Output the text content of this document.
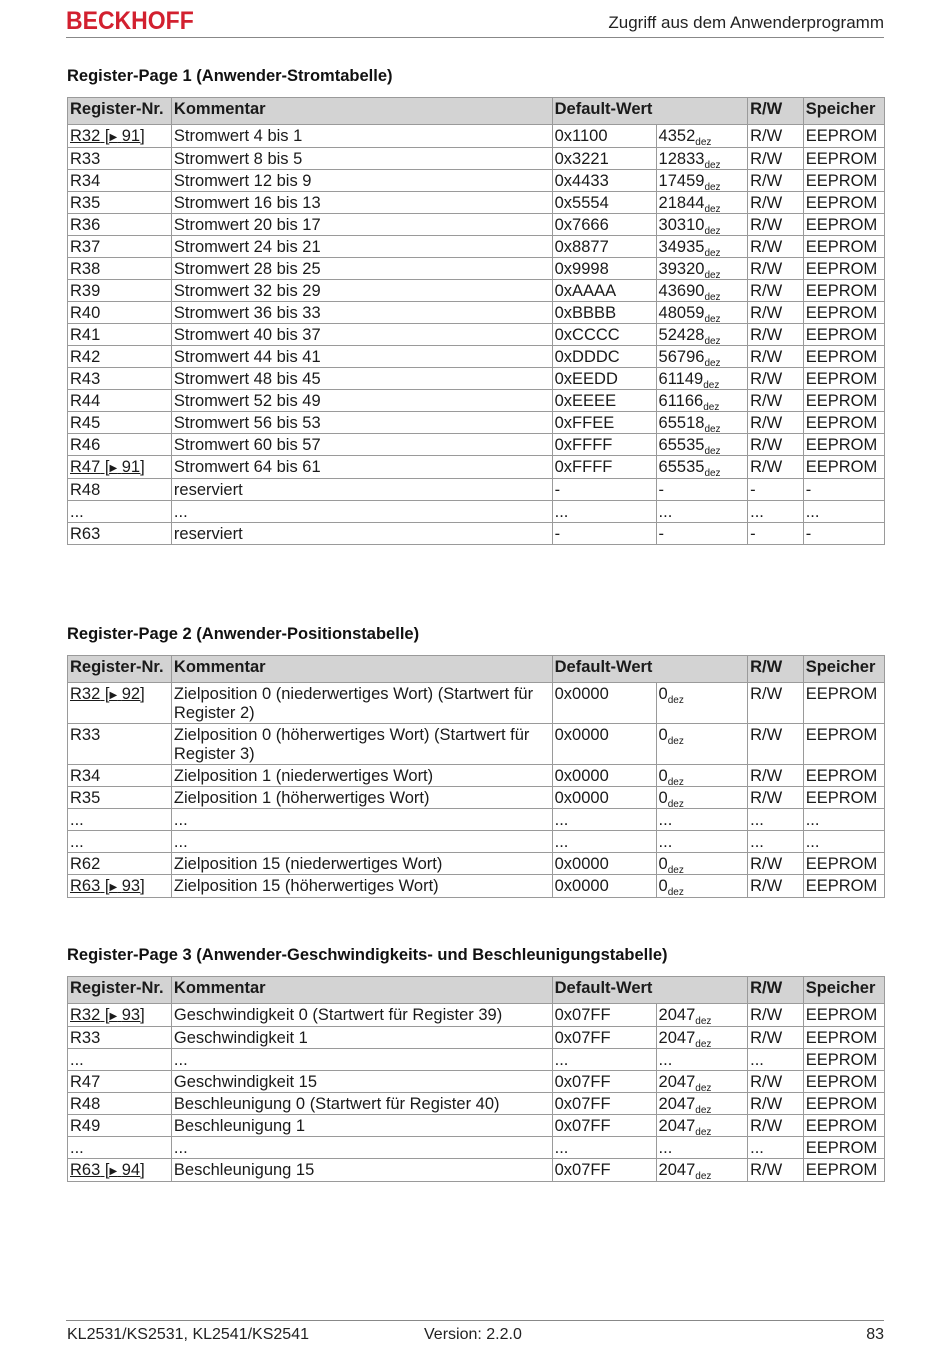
BECKHOFF	Zugriff aus dem Anwenderprogramm
Register-Page 1 (Anwender-Stromtabelle)
Register-Nr.	Kommentar	Default-Wert		R/W	Speicher
R32 [▶ 91]	Stromwert 4 bis 1	0x1100	$4352_{dez}$	R/W	EEPROM
R33	Stromwert 8 bis 5	0x3221	$12833_{dez}$	R/W	EEPROM
R34	Stromwert 12 bis 9	0x4433	$17459_{dez}$	R/W	EEPROM
R35	Stromwert 16 bis 13	0x5554	$21844_{dez}$	R/W	EEPROM
R36	Stromwert 20 bis 17	0x7666	$30310_{dez}$	R/W	EEPROM
R37	Stromwert 24 bis 21	0x8877	$34935_{dez}$	R/W	EEPROM
R38	Stromwert 28 bis 25	0x9998	$39320_{dez}$	R/W	EEPROM
R39	Stromwert 32 bis 29	0xAAAA	$43690_{dez}$	R/W	EEPROM
R40	Stromwert 36 bis 33	0xBBBB	$48059_{dez}$	R/W	EEPROM
R41	Stromwert 40 bis 37	0xCCCC	$52428_{dez}$	R/W	EEPROM
R42	Stromwert 44 bis 41	0xDDDC	$56796_{dez}$	R/W	EEPROM
R43	Stromwert 48 bis 45	0xEEDD	$61149_{dez}$	R/W	EEPROM
R44	Stromwert 52 bis 49	0xEEEE	$61166_{dez}$	R/W	EEPROM
R45	Stromwert 56 bis 53	0xFFEE	$65518_{dez}$	R/W	EEPROM
R46	Stromwert 60 bis 57	0xFFFF	$65535_{dez}$	R/W	EEPROM
R47 [▶ 91]	Stromwert 64 bis 61	0xFFFF	$65535_{dez}$	R/W	EEPROM
R48	reserviert	-	-	-	-
...	...	...	...	...	...
R63	reserviert	-	-	-	-
Register-Page 2 (Anwender-Positionstabelle)
Register-Nr.	Kommentar	Default-Wert		R/W	Speicher
R32 [▶ 92]	Zielposition 0 (niederwertiges Wort) (Startwert für Register 2)	0x0000	$0_{dez}$	R/W	EEPROM
R33	Zielposition 0 (höherwertiges Wort) (Startwert für Register 3)	0x0000	$0_{dez}$	R/W	EEPROM
R34	Zielposition 1 (niederwertiges Wort)	0x0000	$0_{dez}$	R/W	EEPROM
R35	Zielposition 1 (höherwertiges Wort)	0x0000	$0_{dez}$	R/W	EEPROM
...	...	...	...	...	...
...	...	...	...	...	...
R62	Zielposition 15 (niederwertiges Wort)	0x0000	$0_{dez}$	R/W	EEPROM
R63 [▶ 93]	Zielposition 15 (höherwertiges Wort)	0x0000	$0_{dez}$	R/W	EEPROM
Register-Page 3 (Anwender-Geschwindigkeits- und Beschleunigungstabelle)
Register-Nr.	Kommentar	Default-Wert		R/W	Speicher
R32 [▶ 93]	Geschwindigkeit 0 (Startwert für Register 39)	0x07FF	$2047_{dez}$	R/W	EEPROM
R33	Geschwindigkeit 1	0x07FF	$2047_{dez}$	R/W	EEPROM
...	...	...	...	...	EEPROM
R47	Geschwindigkeit 15	0x07FF	$2047_{dez}$	R/W	EEPROM
R48	Beschleunigung 0 (Startwert für Register 40)	0x07FF	$2047_{dez}$	R/W	EEPROM
R49	Beschleunigung 1	0x07FF	$2047_{dez}$	R/W	EEPROM
...	...	...	...	...	EEPROM
R63 [▶ 94]	Beschleunigung 15	0x07FF	$2047_{dez}$	R/W	EEPROM
KL2531/KS2531, KL2541/KS2541	Version: 2.2.0	83
